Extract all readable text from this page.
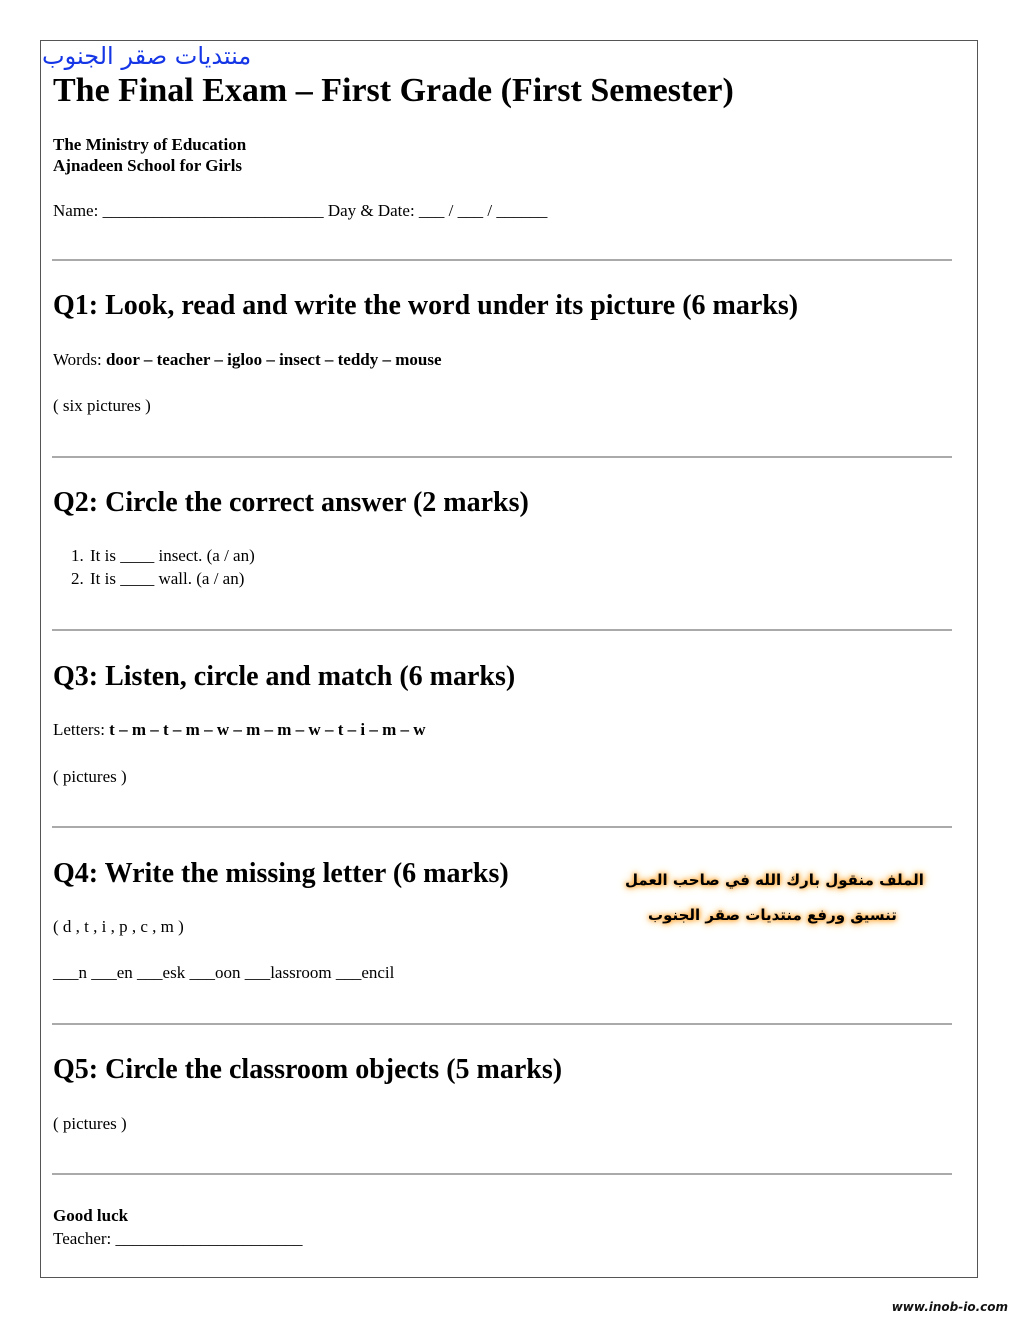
منتديات صقر الجنوب
The Final Exam – First Grade (First Semester)
The Ministry of Education
Ajnadeen School for Girls
Name: __________________________ Day & Date: ___ / ___ / ______
Q1: Look, read and write the word under its picture (6 marks)
Words: door – teacher – igloo – insect – teddy – mouse
( six pictures )
Q2: Circle the correct answer (2 marks)
1. It is ____ insect. (a / an)
2. It is ____ wall. (a / an)
Q3: Listen, circle and match (6 marks)
Letters: t – m – t – m – w – m – m – w – t – i – m – w
( pictures )
Q4: Write the missing letter (6 marks)
( d , t , i , p , c , m )
___n ___en ___esk ___oon ___lassroom ___encil
الملف منقول بارك الله في صاحب العمل
تنسيق ورفع منتديات صقر الجنوب
Q5: Circle the classroom objects (5 marks)
( pictures )
Good luck
Teacher: ______________________
www.inob-io.com
